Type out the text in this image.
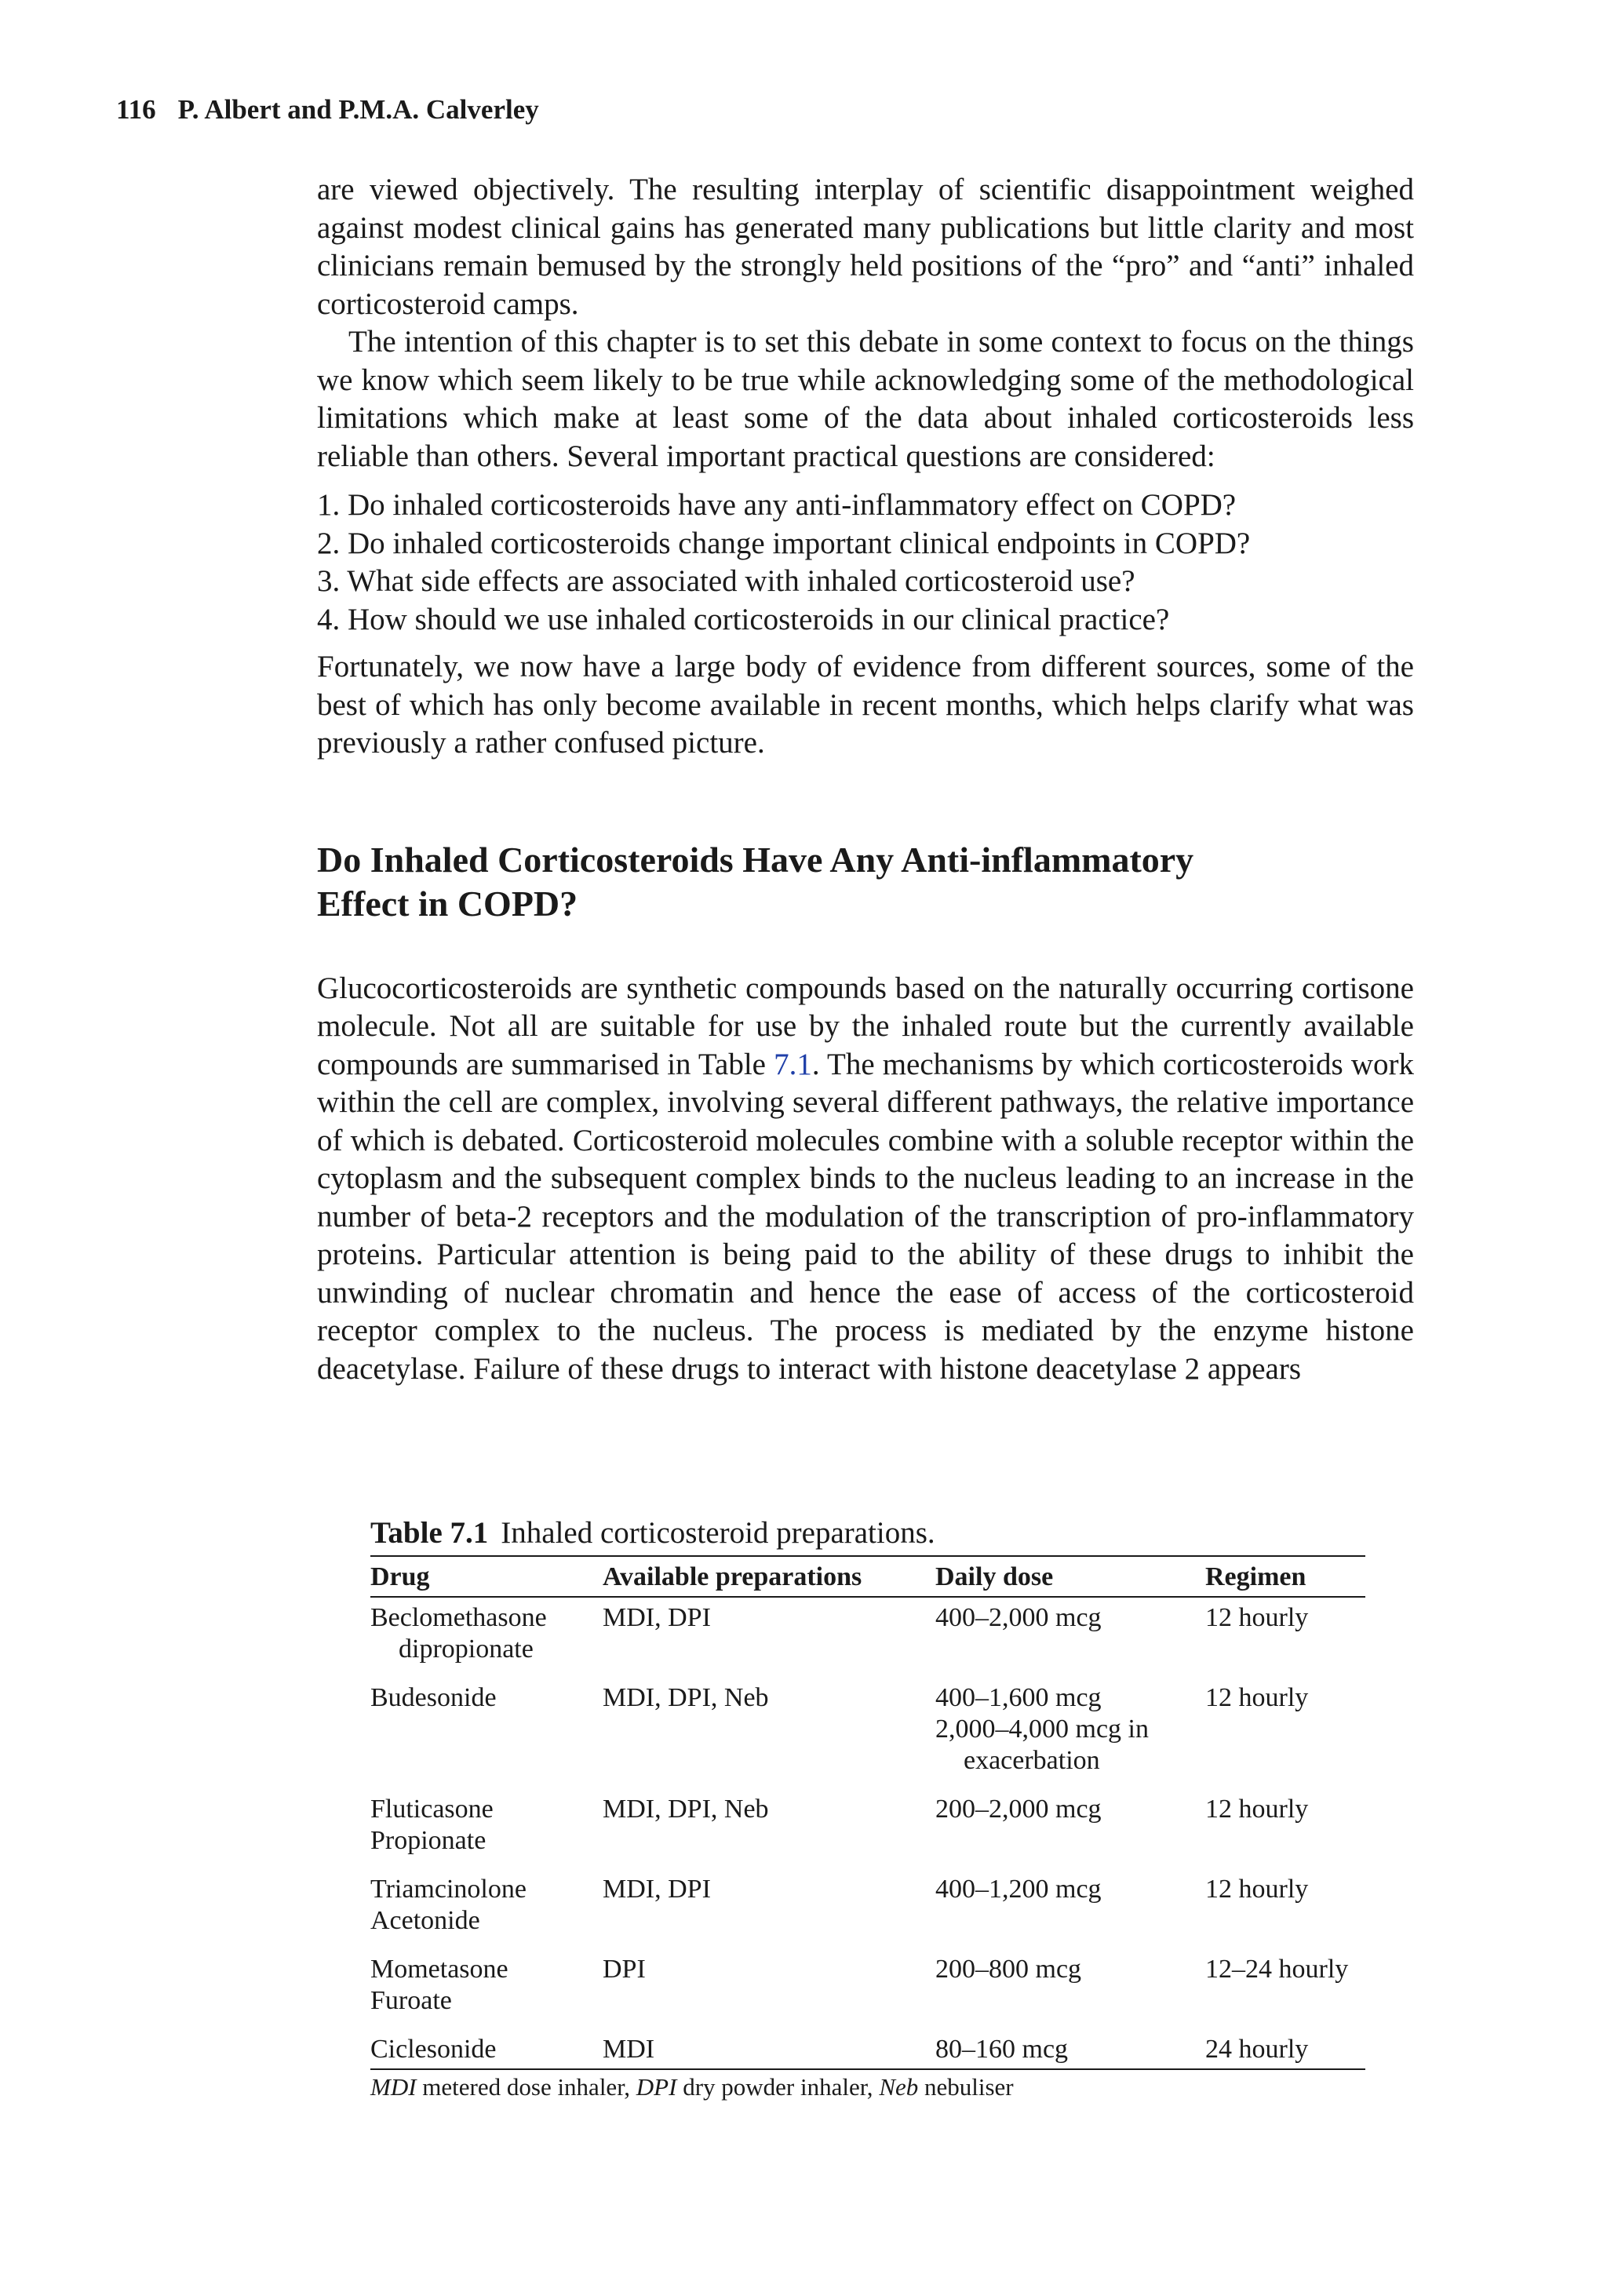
116 P. Albert and P.M.A. Calverley

are viewed objectively. The resulting interplay of scientific disappointment weighed against modest clinical gains has generated many publications but little clarity and most clinicians remain bemused by the strongly held positions of the “pro” and “anti” inhaled corticosteroid camps.

The intention of this chapter is to set this debate in some context to focus on the things we know which seem likely to be true while acknowledging some of the methodological limitations which make at least some of the data about inhaled corticosteroids less reliable than others. Several important practical questions are considered:

1. Do inhaled corticosteroids have any anti-inflammatory effect on COPD?
2. Do inhaled corticosteroids change important clinical endpoints in COPD?
3. What side effects are associated with inhaled corticosteroid use?
4. How should we use inhaled corticosteroids in our clinical practice?

Fortunately, we now have a large body of evidence from different sources, some of the best of which has only become available in recent months, which helps clarify what was previously a rather confused picture.

Do Inhaled Corticosteroids Have Any Anti-inflammatory
Effect in COPD?

Glucocorticosteroids are synthetic compounds based on the naturally occurring cortisone molecule. Not all are suitable for use by the inhaled route but the currently available compounds are summarised in Table 7.1. The mechanisms by which corticosteroids work within the cell are complex, involving several different pathways, the relative importance of which is debated. Corticosteroid molecules combine with a soluble receptor within the cytoplasm and the subsequent complex binds to the nucleus leading to an increase in the number of beta-2 receptors and the modulation of the transcription of pro-inflammatory proteins. Particular attention is being paid to the ability of these drugs to inhibit the unwinding of nuclear chromatin and hence the ease of access of the corticosteroid receptor complex to the nucleus. The process is mediated by the enzyme histone deacetylase. Failure of these drugs to interact with histone deacetylase 2 appears

Table 7.1 Inhaled corticosteroid preparations.
Drug	Available preparations	Daily dose	Regimen
Beclomethasone
dipropionate	MDI, DPI	400–2,000 mcg	12 hourly
Budesonide	MDI, DPI, Neb	400–1,600 mcg
2,000–4,000 mcg in
exacerbation	12 hourly

Fluticasone
Propionate	MDI, DPI, Neb	200–2,000 mcg	12 hourly

Triamcinolone
Acetonide	MDI, DPI	400–1,200 mcg	12 hourly

Mometasone
Furoate	DPI	200–800 mcg	12–24 hourly
Ciclesonide	MDI	80–160 mcg	24 hourly
MDI metered dose inhaler, DPI dry powder inhaler, Neb nebuliser
